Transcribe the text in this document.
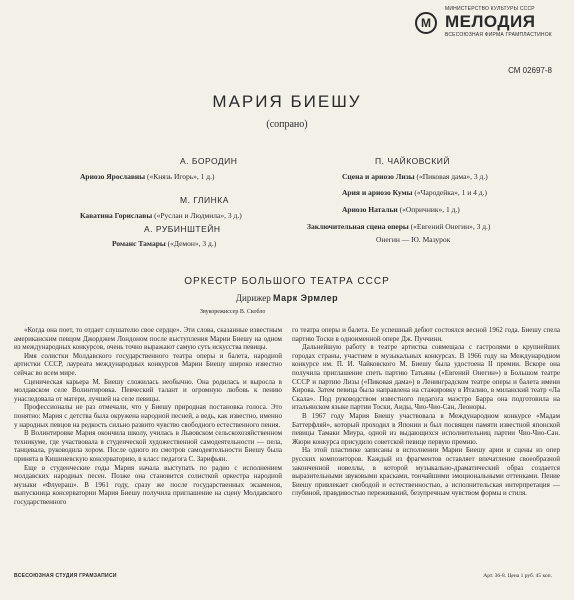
М
МИНИСТЕРСТВО КУЛЬТУРЫ СССР
МЕЛОДИЯ
ВСЕСОЮЗНАЯ ФИРМА ГРАМПЛАСТИНОК
СМ 02697-8
МАРИЯ БИЕШУ
(сопрано)
А. БОРОДИН
Ариозо Ярославны («Князь Игорь», 1 д.)
М. ГЛИНКА
Каватина Гориславы («Руслан и Людмила», 3 д.)
А. РУБИНШТЕЙН
Романс Тамары («Демон», 3 д.)
П. ЧАЙКОВСКИЙ
Сцена и ариозо Лизы («Пиковая дама», 3 д.)
Ария и ариозо Кумы («Чародейка», 1 и 4 д.)
Ариозо Натальи («Опричник», 1 д.)
Заключительная сцена оперы («Евгений Онегин», 3 д.)
Онегин — Ю. Мазурок
ОРКЕСТР БОЛЬШОГО ТЕАТРА СССР
Дирижер Марк Эрмлер
Звукорежиссер В. Скобло

«Когда она поет, то отдает слушателю свое сердце». Эти слова, сказанные известным американским певцом Джорджем Лондоном после выступления Марии Биешу на одном из международных конкурсов, очень точно выражают самую суть искусства певицы.

Имя солистки Молдавского государственного театра оперы и балета, народной артистки СССР, лауреата международных конкурсов Марии Биешу широко известно сейчас во всем мире.

Сценическая карьера М. Биешу сложилась необычно. Она родилась и выросла в молдавском селе Волинтировка. Певческий талант и огромную любовь к пению унаследовала от матери, лучшей на селе певицы.

Профессионалы не раз отмечали, что у Биешу природная постановка голоса. Это понятно: Мария с детства была окружена народной песней, а ведь, как известно, именно у народных певцов на редкость сильно развито чувство свободного естественного пения.

В Волинтировке Мария окончила школу, училась в Львовском сельскохозяйственном техникуме, где участвовала в студенческой художественной самодеятельности — пела, танцевала, руководила хором. После одного из смотров самодеятельности Биешу была принята в Кишиневскую консерваторию, в класс педагога С. Зарифьян.

Еще в студенческие годы Мария начала выступать по радио с исполнением молдавских народных песен. Позже она становится солисткой оркестра народной музыки «Флуераш». В 1961 году, сразу же после государственных экзаменов, выпускница консерватории Мария Биешу получила приглашение на сцену Молдавского государственного

го театра оперы и балета. Ее успешный дебют состоялся весной 1962 года. Биешу спела партию Тоски в одноименной опере Дж. Пуччини.

Дальнейшую работу в театре артистка совмещала с гастролями в крупнейших городах страны, участием в музыкальных конкурсах. В 1966 году на Международном конкурсе им. П. И. Чайковского М. Биешу была удостоена II премии. Вскоре она получила приглашение спеть партию Татьяны («Евгений Онегин») в Большом театре СССР и партию Лизы («Пиковая дама») в Ленинградском театре оперы и балета имени Кирова. Затем певица была направлена на стажировку в Италию, в миланский театр «Ла Скала». Под руководством известного педагога маэстро Барра она подготовила на итальянском языке партии Тоски, Аиды, Чио-Чио-Сан, Леоноры.

В 1967 году Мария Биешу участвовала в Международном конкурсе «Мадам Баттерфляй», который проходил в Японии и был посвящен памяти известной японской певицы Тамаки Миура, одной из выдающихся исполнительниц партии Чио-Чио-Сан. Жюри конкурса присудило советской певице первую премию.

На этой пластинке записаны в исполнении Марии Биешу арии и сцены из опер русских композиторов. Каждый из фрагментов оставляет впечатление своеобразной законченной новеллы, в которой музыкально-драматический образ создается выразительными звуковыми красками, тончайшими эмоциональными оттенками. Пение Биешу привлекает свободой и естественностью, а исполнительская интерпретация — глубиной, правдивостью переживаний, безупречным чувством формы и стиля.

ВСЕСОЮЗНАЯ СТУДИЯ ГРАМЗАПИСИ	Арт. 36-8. Цена 1 руб. 45 коп.
